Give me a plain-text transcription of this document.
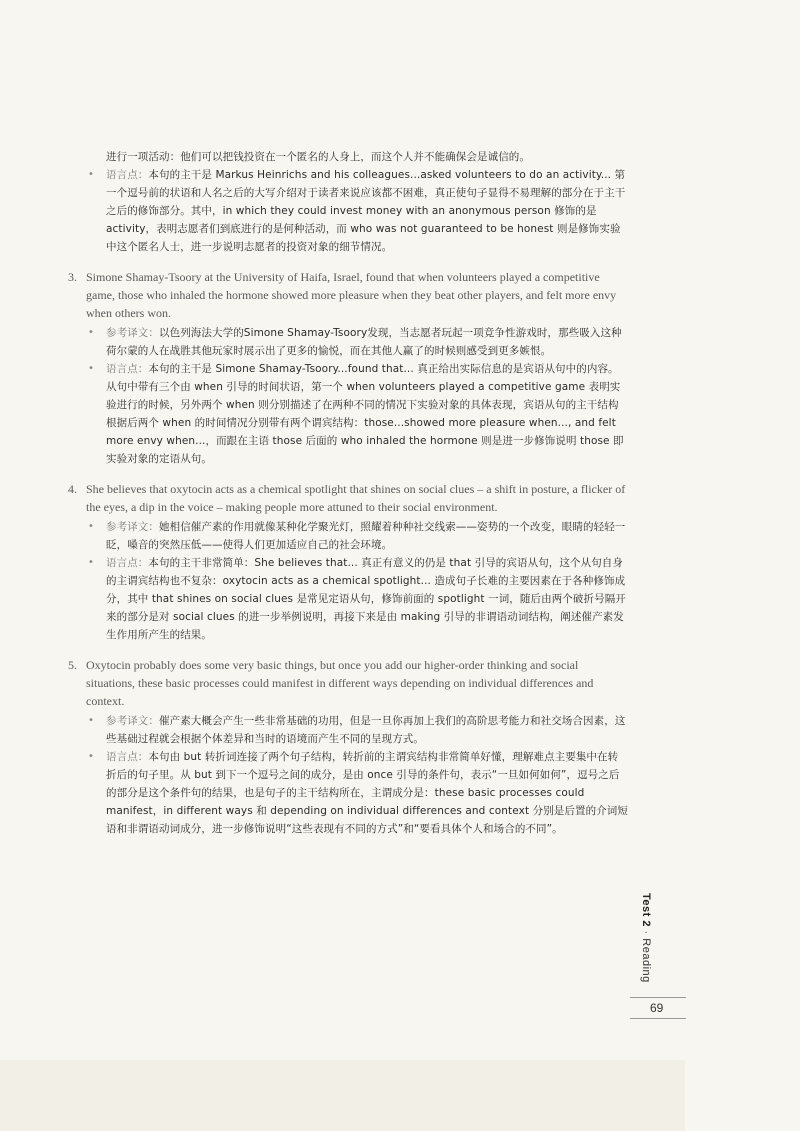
进行一项活动：他们可以把钱投资在一个匿名的人身上，而这个人并不能确保会是诚信的。

• 语言点：本句的主干是 Markus Heinrichs and his colleagues...asked volunteers to do an activity... 第一个逗号前的状语和人名之后的大写介绍对于读者来说应该都不困难，真正使句子显得不易理解的部分在于主干之后的修饰部分。其中，in which they could invest money with an anonymous person 修饰的是 activity，表明志愿者们到底进行的是何种活动，而 who was not guaranteed to be honest 则是修饰实验中这个匿名人士，进一步说明志愿者的投资对象的细节情况。

3. Simone Shamay-Tsoory at the University of Haifa, Israel, found that when volunteers played a competitive game, those who inhaled the hormone showed more pleasure when they beat other players, and felt more envy when others won.

• 参考译文：以色列海法大学的Simone Shamay-Tsoory发现，当志愿者玩起一项竞争性游戏时，那些吸入这种荷尔蒙的人在战胜其他玩家时展示出了更多的愉悦，而在其他人赢了的时候则感受到更多嫉恨。

• 语言点：本句的主干是 Simone Shamay-Tsoory...found that... 真正给出实际信息的是宾语从句中的内容。从句中带有三个由 when 引导的时间状语，第一个 when volunteers played a competitive game 表明实验进行的时候，另外两个 when 则分别描述了在两种不同的情况下实验对象的具体表现，宾语从句的主干结构根据后两个 when 的时间情况分别带有两个谓宾结构：those...showed more pleasure when..., and felt more envy when...，而跟在主语 those 后面的 who inhaled the hormone 则是进一步修饰说明 those 即实验对象的定语从句。

4. She believes that oxytocin acts as a chemical spotlight that shines on social clues – a shift in posture, a flicker of the eyes, a dip in the voice – making people more attuned to their social environment.

• 参考译文：她相信催产素的作用就像某种化学聚光灯，照耀着种种社交线索——姿势的一个改变，眼睛的轻轻一眨，嗓音的突然压低——使得人们更加适应自己的社会环境。

• 语言点：本句的主干非常简单：She believes that... 真正有意义的仍是 that 引导的宾语从句，这个从句自身的主谓宾结构也不复杂：oxytocin acts as a chemical spotlight... 造成句子长难的主要因素在于各种修饰成分，其中 that shines on social clues 是常见定语从句，修饰前面的 spotlight 一词，随后由两个破折号隔开来的部分是对 social clues 的进一步举例说明，再接下来是由 making 引导的非谓语动词结构，阐述催产素发生作用所产生的结果。

5. Oxytocin probably does some very basic things, but once you add our higher-order thinking and social situations, these basic processes could manifest in different ways depending on individual differences and context.

• 参考译文：催产素大概会产生一些非常基础的功用，但是一旦你再加上我们的高阶思考能力和社交场合因素，这些基础过程就会根据个体差异和当时的语境而产生不同的呈现方式。

• 语言点：本句由 but 转折词连接了两个句子结构，转折前的主谓宾结构非常简单好懂，理解难点主要集中在转折后的句子里。从 but 到下一个逗号之间的成分，是由 once 引导的条件句，表示“一旦如何如何”，逗号之后的部分是这个条件句的结果，也是句子的主干结构所在，主谓成分是：these basic processes could manifest，in different ways 和 depending on individual differences and context 分别是后置的介词短语和非谓语动词成分，进一步修饰说明“这些表现有不同的方式”和“要看具体个人和场合的不同”。

Test 2 · Reading
69
